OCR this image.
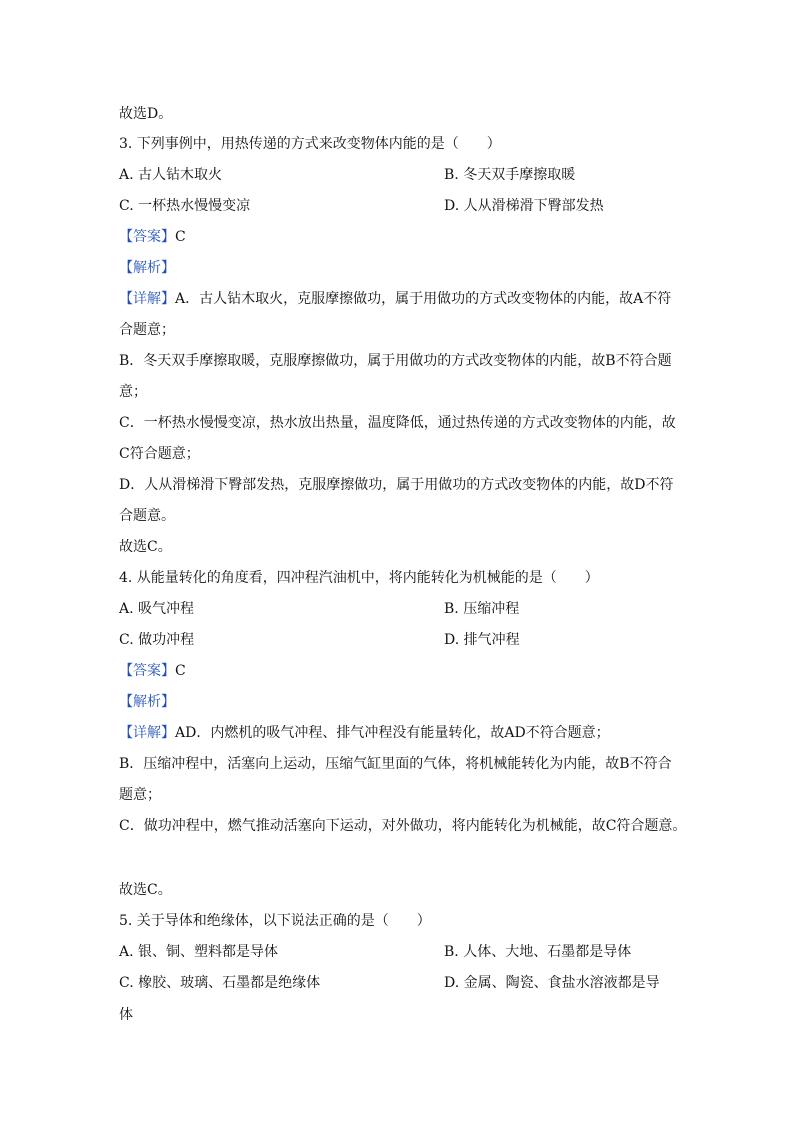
故选D。
3. 下列事例中，用热传递的方式来改变物体内能的是（　　）
A. 古人钻木取火	B. 冬天双手摩擦取暖
C. 一杯热水慢慢变凉	D. 人从滑梯滑下臀部发热
【答案】C
【解析】
【详解】A．古人钻木取火，克服摩擦做功，属于用做功的方式改变物体的内能，故A不符
合题意；
B．冬天双手摩擦取暖，克服摩擦做功，属于用做功的方式改变物体的内能，故B不符合题
意；
C．一杯热水慢慢变凉，热水放出热量，温度降低，通过热传递的方式改变物体的内能，故
C符合题意；
D．人从滑梯滑下臀部发热，克服摩擦做功，属于用做功的方式改变物体的内能，故D不符
合题意。
故选C。
4. 从能量转化的角度看，四冲程汽油机中，将内能转化为机械能的是（　　）
A. 吸气冲程	B. 压缩冲程
C. 做功冲程	D. 排气冲程
【答案】C
【解析】
【详解】AD．内燃机的吸气冲程、排气冲程没有能量转化，故AD不符合题意；
B．压缩冲程中，活塞向上运动，压缩气缸里面的气体，将机械能转化为内能，故B不符合
题意；
C．做功冲程中，燃气推动活塞向下运动，对外做功，将内能转化为机械能，故C符合题意。
故选C。
5. 关于导体和绝缘体，以下说法正确的是（　　）
A. 银、铜、塑料都是导体	B. 人体、大地、石墨都是导体
C. 橡胶、玻璃、石墨都是绝缘体	D. 金属、陶瓷、食盐水溶液都是导
体
